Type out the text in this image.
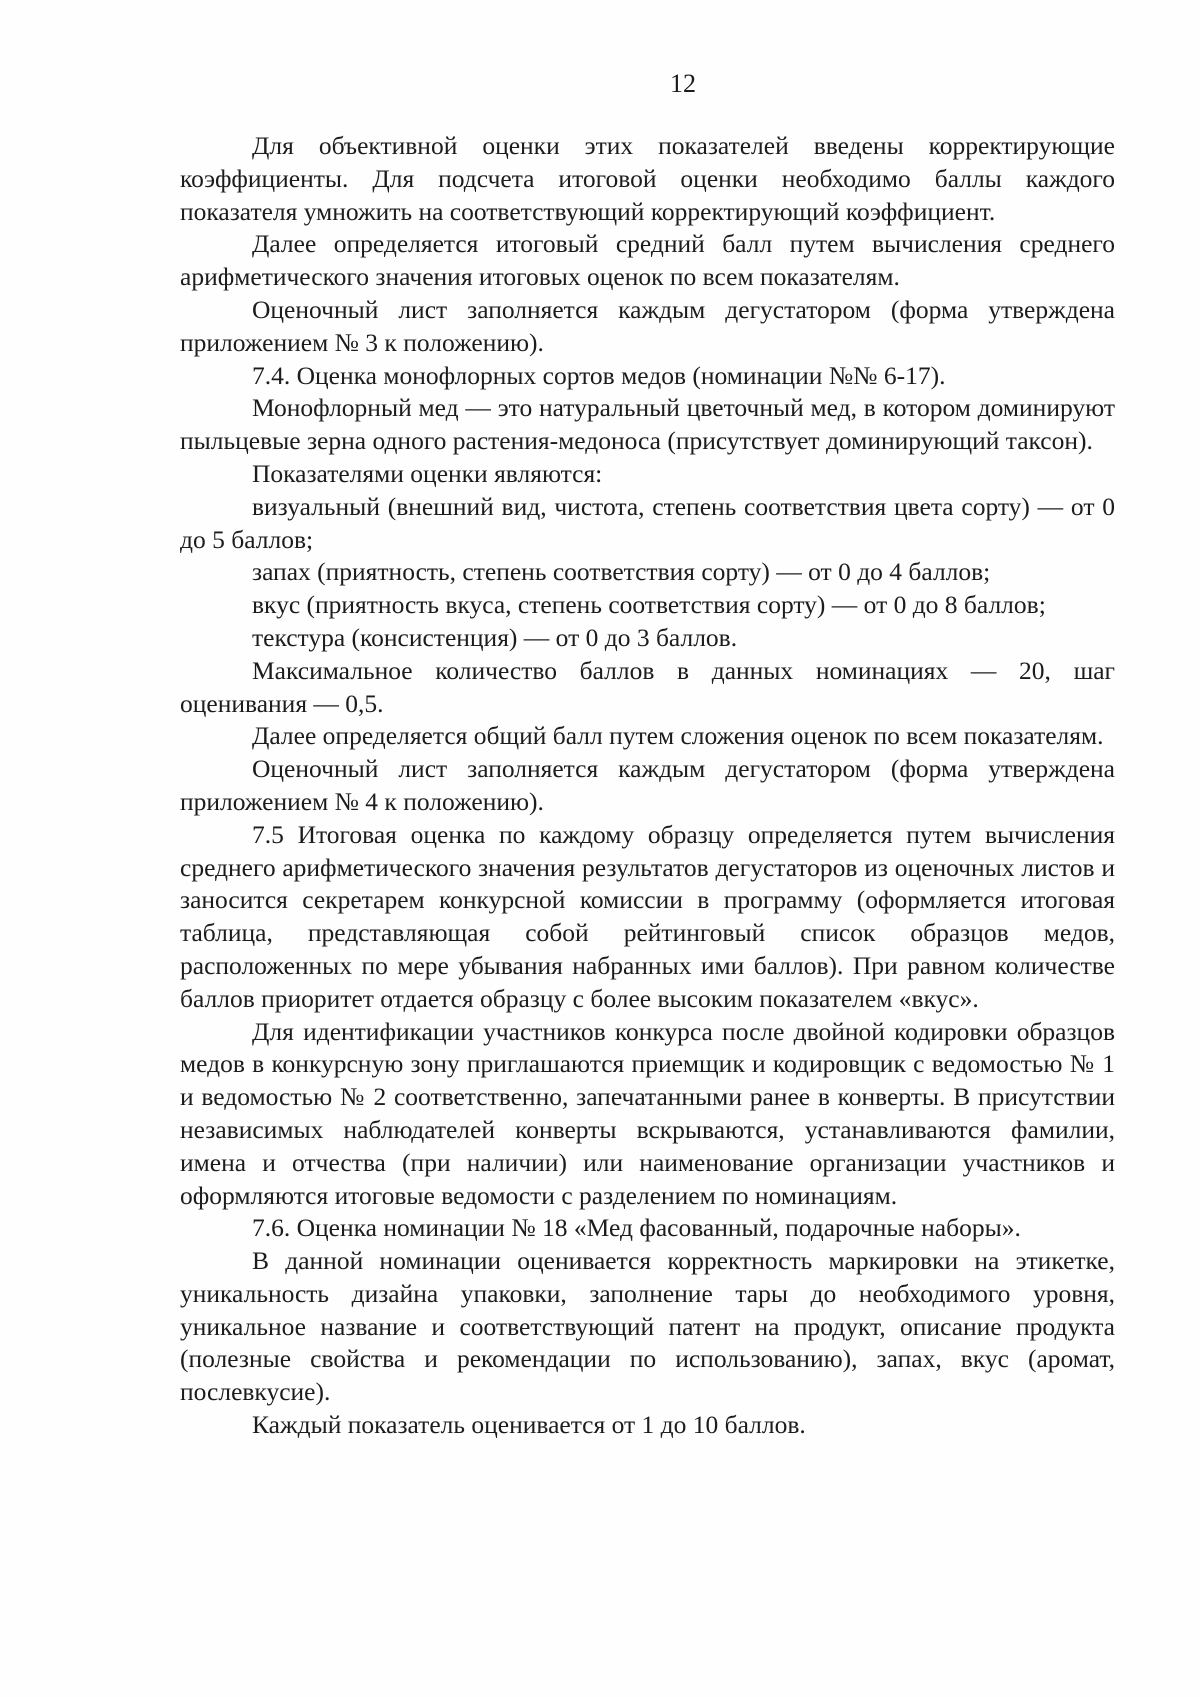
12

Для объективной оценки этих показателей введены корректирующие коэффициенты. Для подсчета итоговой оценки необходимо баллы каждого показателя умножить на соответствующий корректирующий коэффициент.

Далее определяется итоговый средний балл путем вычисления среднего арифметического значения итоговых оценок по всем показателям.

Оценочный лист заполняется каждым дегустатором (форма утверждена приложением № 3 к положению).

7.4. Оценка монофлорных сортов медов (номинации №№ 6-17).

Монофлорный мед — это натуральный цветочный мед, в котором доминируют пыльцевые зерна одного растения-медоноса (присутствует доминирующий таксон).

Показателями оценки являются:

визуальный (внешний вид, чистота, степень соответствия цвета сорту) — от 0 до 5 баллов;

запах (приятность, степень соответствия сорту) — от 0 до 4 баллов;

вкус (приятность вкуса, степень соответствия сорту) — от 0 до 8 баллов;

текстура (консистенция) — от 0 до 3 баллов.

Максимальное количество баллов в данных номинациях — 20, шаг оценивания — 0,5.

Далее определяется общий балл путем сложения оценок по всем показателям.

Оценочный лист заполняется каждым дегустатором (форма утверждена приложением № 4 к положению).

7.5 Итоговая оценка по каждому образцу определяется путем вычисления среднего арифметического значения результатов дегустаторов из оценочных листов и заносится секретарем конкурсной комиссии в программу (оформляется итоговая таблица, представляющая собой рейтинговый список образцов медов, расположенных по мере убывания набранных ими баллов). При равном количестве баллов приоритет отдается образцу с более высоким показателем «вкус».

Для идентификации участников конкурса после двойной кодировки образцов медов в конкурсную зону приглашаются приемщик и кодировщик с ведомостью № 1 и ведомостью № 2 соответственно, запечатанными ранее в конверты. В присутствии независимых наблюдателей конверты вскрываются, устанавливаются фамилии, имена и отчества (при наличии) или наименование организации участников и оформляются итоговые ведомости с разделением по номинациям.

7.6. Оценка номинации № 18 «Мед фасованный, подарочные наборы».

В данной номинации оценивается корректность маркировки на этикетке, уникальность дизайна упаковки, заполнение тары до необходимого уровня, уникальное название и соответствующий патент на продукт, описание продукта (полезные свойства и рекомендации по использованию), запах, вкус (аромат, послевкусие).

Каждый показатель оценивается от 1 до 10 баллов.
